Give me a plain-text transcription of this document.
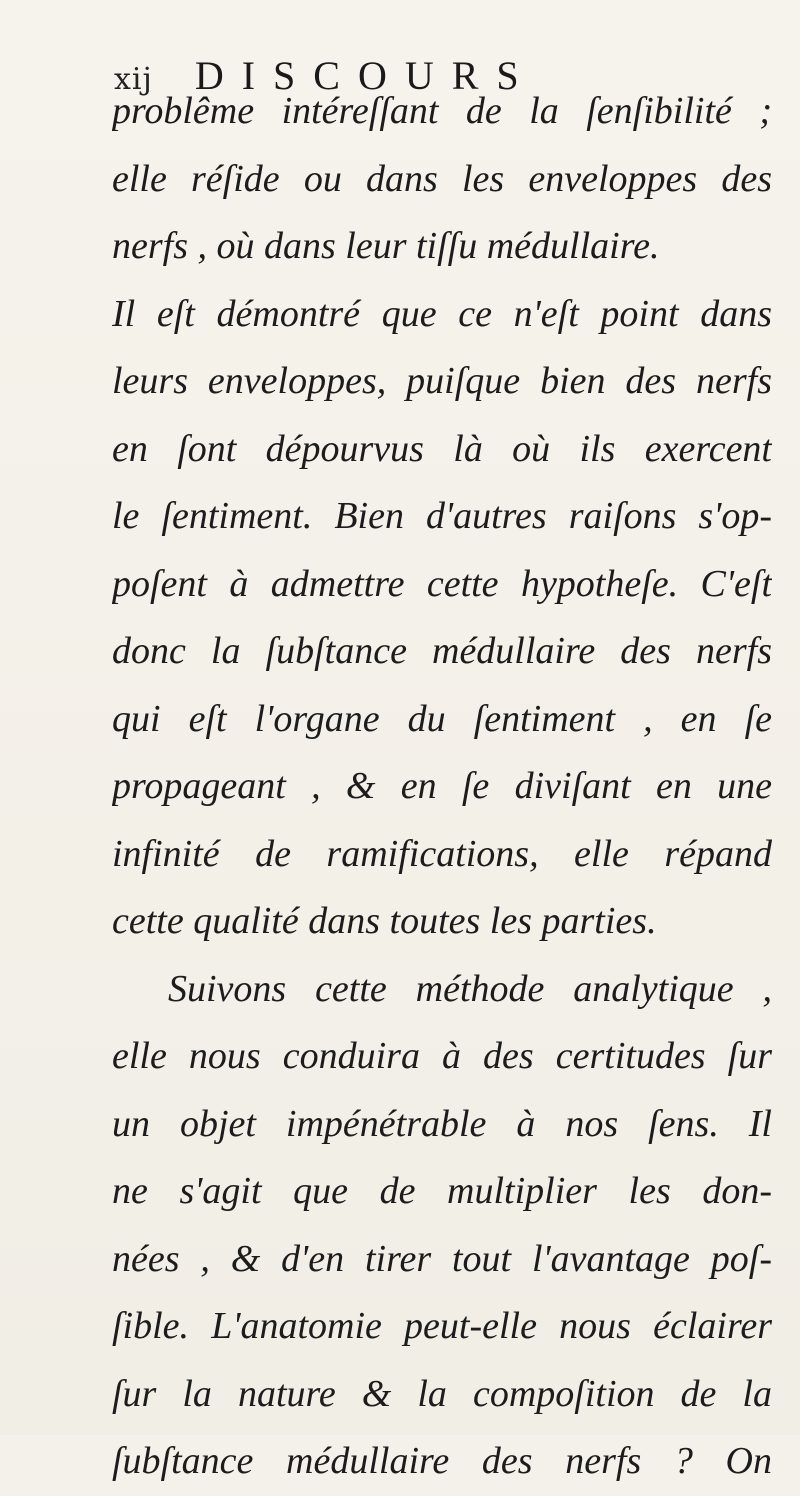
xij DISCOURS
problême intéreſſant de la ſenſibilité ;
elle réſide ou dans les enveloppes des
nerfs , où dans leur tiſſu médullaire.
Il eſt démontré que ce n'eſt point dans
leurs enveloppes, puiſque bien des nerfs
en ſont dépourvus là où ils exercent
le ſentiment. Bien d'autres raiſons s'op-
poſent à admettre cette hypotheſe. C'eſt
donc la ſubſtance médullaire des nerfs
qui eſt l'organe du ſentiment , en ſe
propageant , & en ſe diviſant en une
infinité de ramifications, elle répand
cette qualité dans toutes les parties.
Suivons cette méthode analytique ,
elle nous conduira à des certitudes ſur
un objet impénétrable à nos ſens. Il
ne s'agit que de multiplier les don-
nées , & d'en tirer tout l'avantage poſ-
ſible. L'anatomie peut-elle nous éclairer
ſur la nature & la compoſition de la
ſubſtance médullaire des nerfs ? On
